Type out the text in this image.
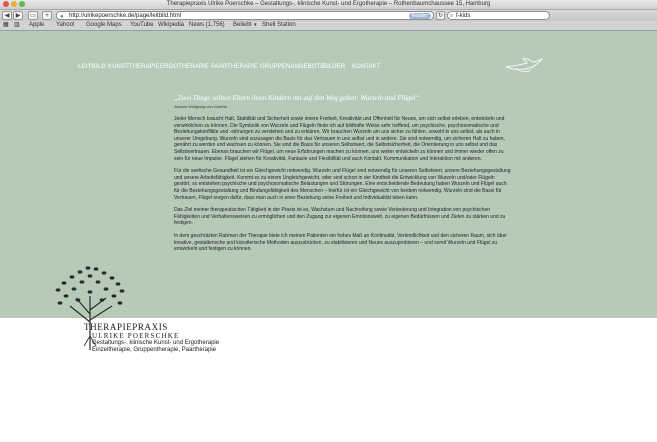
Therapiepraxis Ulrike Poerschke – Gestaltungs-, klinische Kunst- und Ergotherapie – Rothenbaumchaussee 15, Hamburg
◀	▶	▭	+	● http://ulrikepoerschke.de/page/leitbild.html	Reader	↻	⌕ f-kids
▦ ▥ Apple Yahoo! Google Maps YouTube Wikipedia News (1,756) Beliebt ▾ Shell Station
LEITBILD KUNSTTHERAPIE ERGOTHERAPIE PAARTHERAPIE GRUPPENANGEBOTE
BILDER KONTAKT
„Zwei Dinge sollten Eltern ihren Kindern mit auf den Weg geben: Wurzeln und Flügel“
Johann Wolfgang von Goethe

Jeder Mensch braucht Halt, Stabilität und Sicherheit sowie innere Freiheit, Kreativität und Offenheit für Neues, um sich selbst erleben, entwickeln und verwirklichen zu können. Die Symbolik von Wurzeln und Flügeln finde ich auf bildhafte Weise sehr treffend, um psychische, psychosomatische und Beziehungskonflikte und -störungen zu verstehen und zu erklären. Wir brauchen Wurzeln um uns sicher zu fühlen, sowohl in uns selbst, als auch in unserer Umgebung. Wurzeln sind sozusagen die Basis für das Vertrauen in uns selbst und in andere. Sie sind notwendig, um sicheren Halt zu haben, genährt zu werden und wachsen zu können. Sie sind die Basis für unseren Selbstwert, die Selbstsicherheit, die Orientierung in uns selbst und das Selbstvertrauen. Ebenso brauchen wir Flügel, um neue Erfahrungen machen zu können, uns weiter entwickeln zu können und immer wieder offen zu sein für neue Impulse. Flügel stehen für Kreativität, Fantasie und Flexibilität und auch Kontakt, Kommunikation und Interaktion mit anderen.

Für die seelische Gesundheit ist ein Gleichgewicht notwendig. Wurzeln und Flügel sind notwendig für unseren Selbstwert, unsere Beziehungsgestaltung und unsere Arbeitsfähigkeit. Kommt es zu einem Ungleichgewicht, oder sind schon in der Kindheit die Entwicklung von Wurzeln und/oder Flügeln gestört, so entstehen psychische und psychosomatische Belastungen und Störungen. Eine entscheidende Bedeutung haben Wurzeln und Flügel auch für die Beziehungsgestaltung und Bindungsfähigkeit des Menschen – hierfür ist ein Gleichgewicht von beidem notwendig. Wurzeln sind die Basis für Vertrauen, Flügel sorgen dafür, dass man auch in einer Beziehung seine Freiheit und Individualität leben kann.

Das Ziel meiner therapeutischen Tätigkeit in der Praxis ist es, Wachstum und Nachreifung sowie Veränderung und Integration von psychischen Fähigkeiten und Verhaltensweisen zu ermöglichen und den Zugang zur eigenen Emotionswelt, zu eigenen Bedürfnissen und Zielen zu stärken und zu festigen.

In dem geschützten Rahmen der Therapie biete ich meinen Patienten ein hohes Maß an Kontinuität, Verbindlichkeit und den sicheren Raum, sich über kreative, gestalterische und künstlerische Methoden auszudrücken, zu stabilisieren und Neues auszuprobieren – und somit Wurzeln und Flügel zu entwickeln und festigen zu können.

THERAPIEPRAXIS
ULRIKE POERSCHKE
Gestaltungs-, klinische Kunst- und Ergotherapie
Einzeltherapie, Gruppentherapie, Paartherapie
